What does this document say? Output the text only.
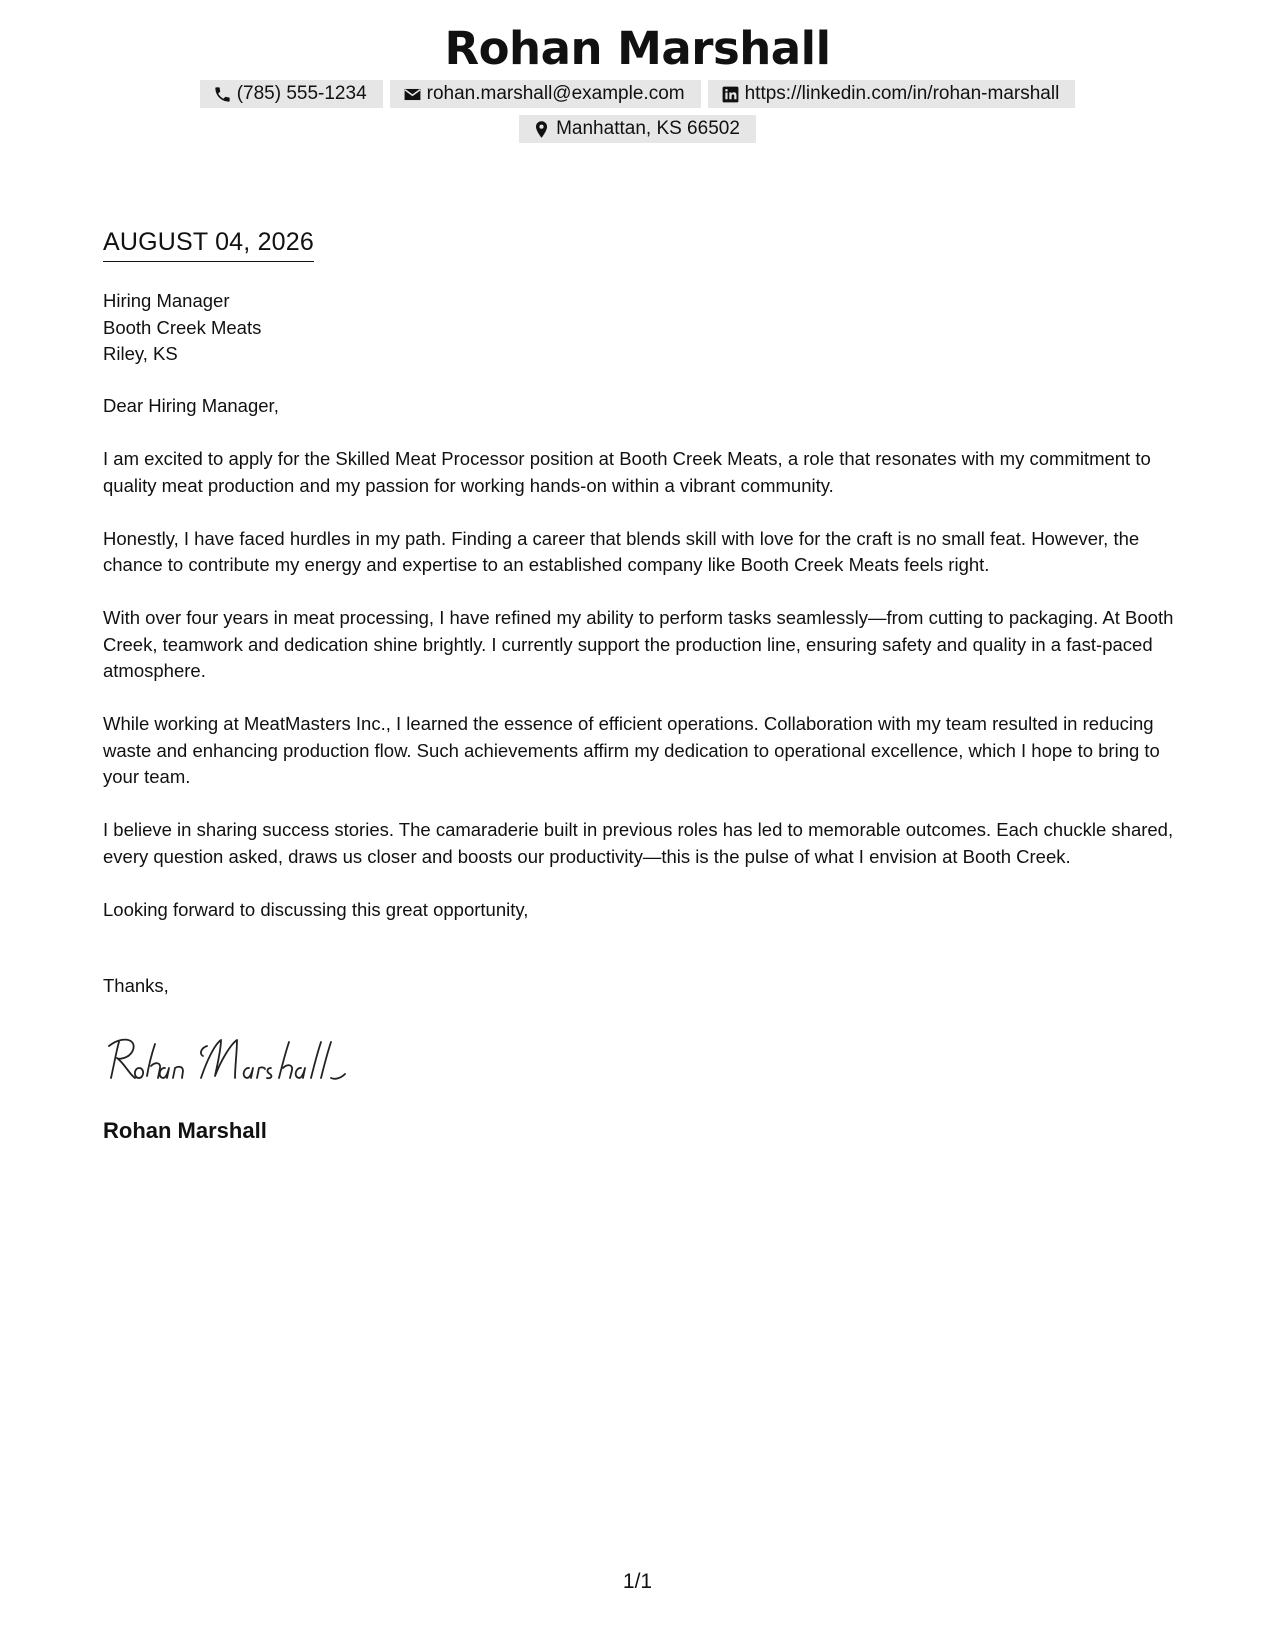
Rohan Marshall
(785) 555-1234	rohan.marshall@example.com	https://linkedin.com/in/rohan-marshall
Manhattan, KS 66502
AUGUST 04, 2026
Hiring Manager
Booth Creek Meats
Riley, KS

Dear Hiring Manager,

I am excited to apply for the Skilled Meat Processor position at Booth Creek Meats, a role that resonates with my commitment to quality meat production and my passion for working hands-on within a vibrant community.

Honestly, I have faced hurdles in my path. Finding a career that blends skill with love for the craft is no small feat. However, the chance to contribute my energy and expertise to an established company like Booth Creek Meats feels right.

With over four years in meat processing, I have refined my ability to perform tasks seamlessly—from cutting to packaging. At Booth Creek, teamwork and dedication shine brightly. I currently support the production line, ensuring safety and quality in a fast-paced atmosphere.

While working at MeatMasters Inc., I learned the essence of efficient operations. Collaboration with my team resulted in reducing waste and enhancing production flow. Such achievements affirm my dedication to operational excellence, which I hope to bring to your team.

I believe in sharing success stories. The camaraderie built in previous roles has led to memorable outcomes. Each chuckle shared, every question asked, draws us closer and boosts our productivity—this is the pulse of what I envision at Booth Creek.

Looking forward to discussing this great opportunity,

Thanks,
Rohan Marshall
1/1
